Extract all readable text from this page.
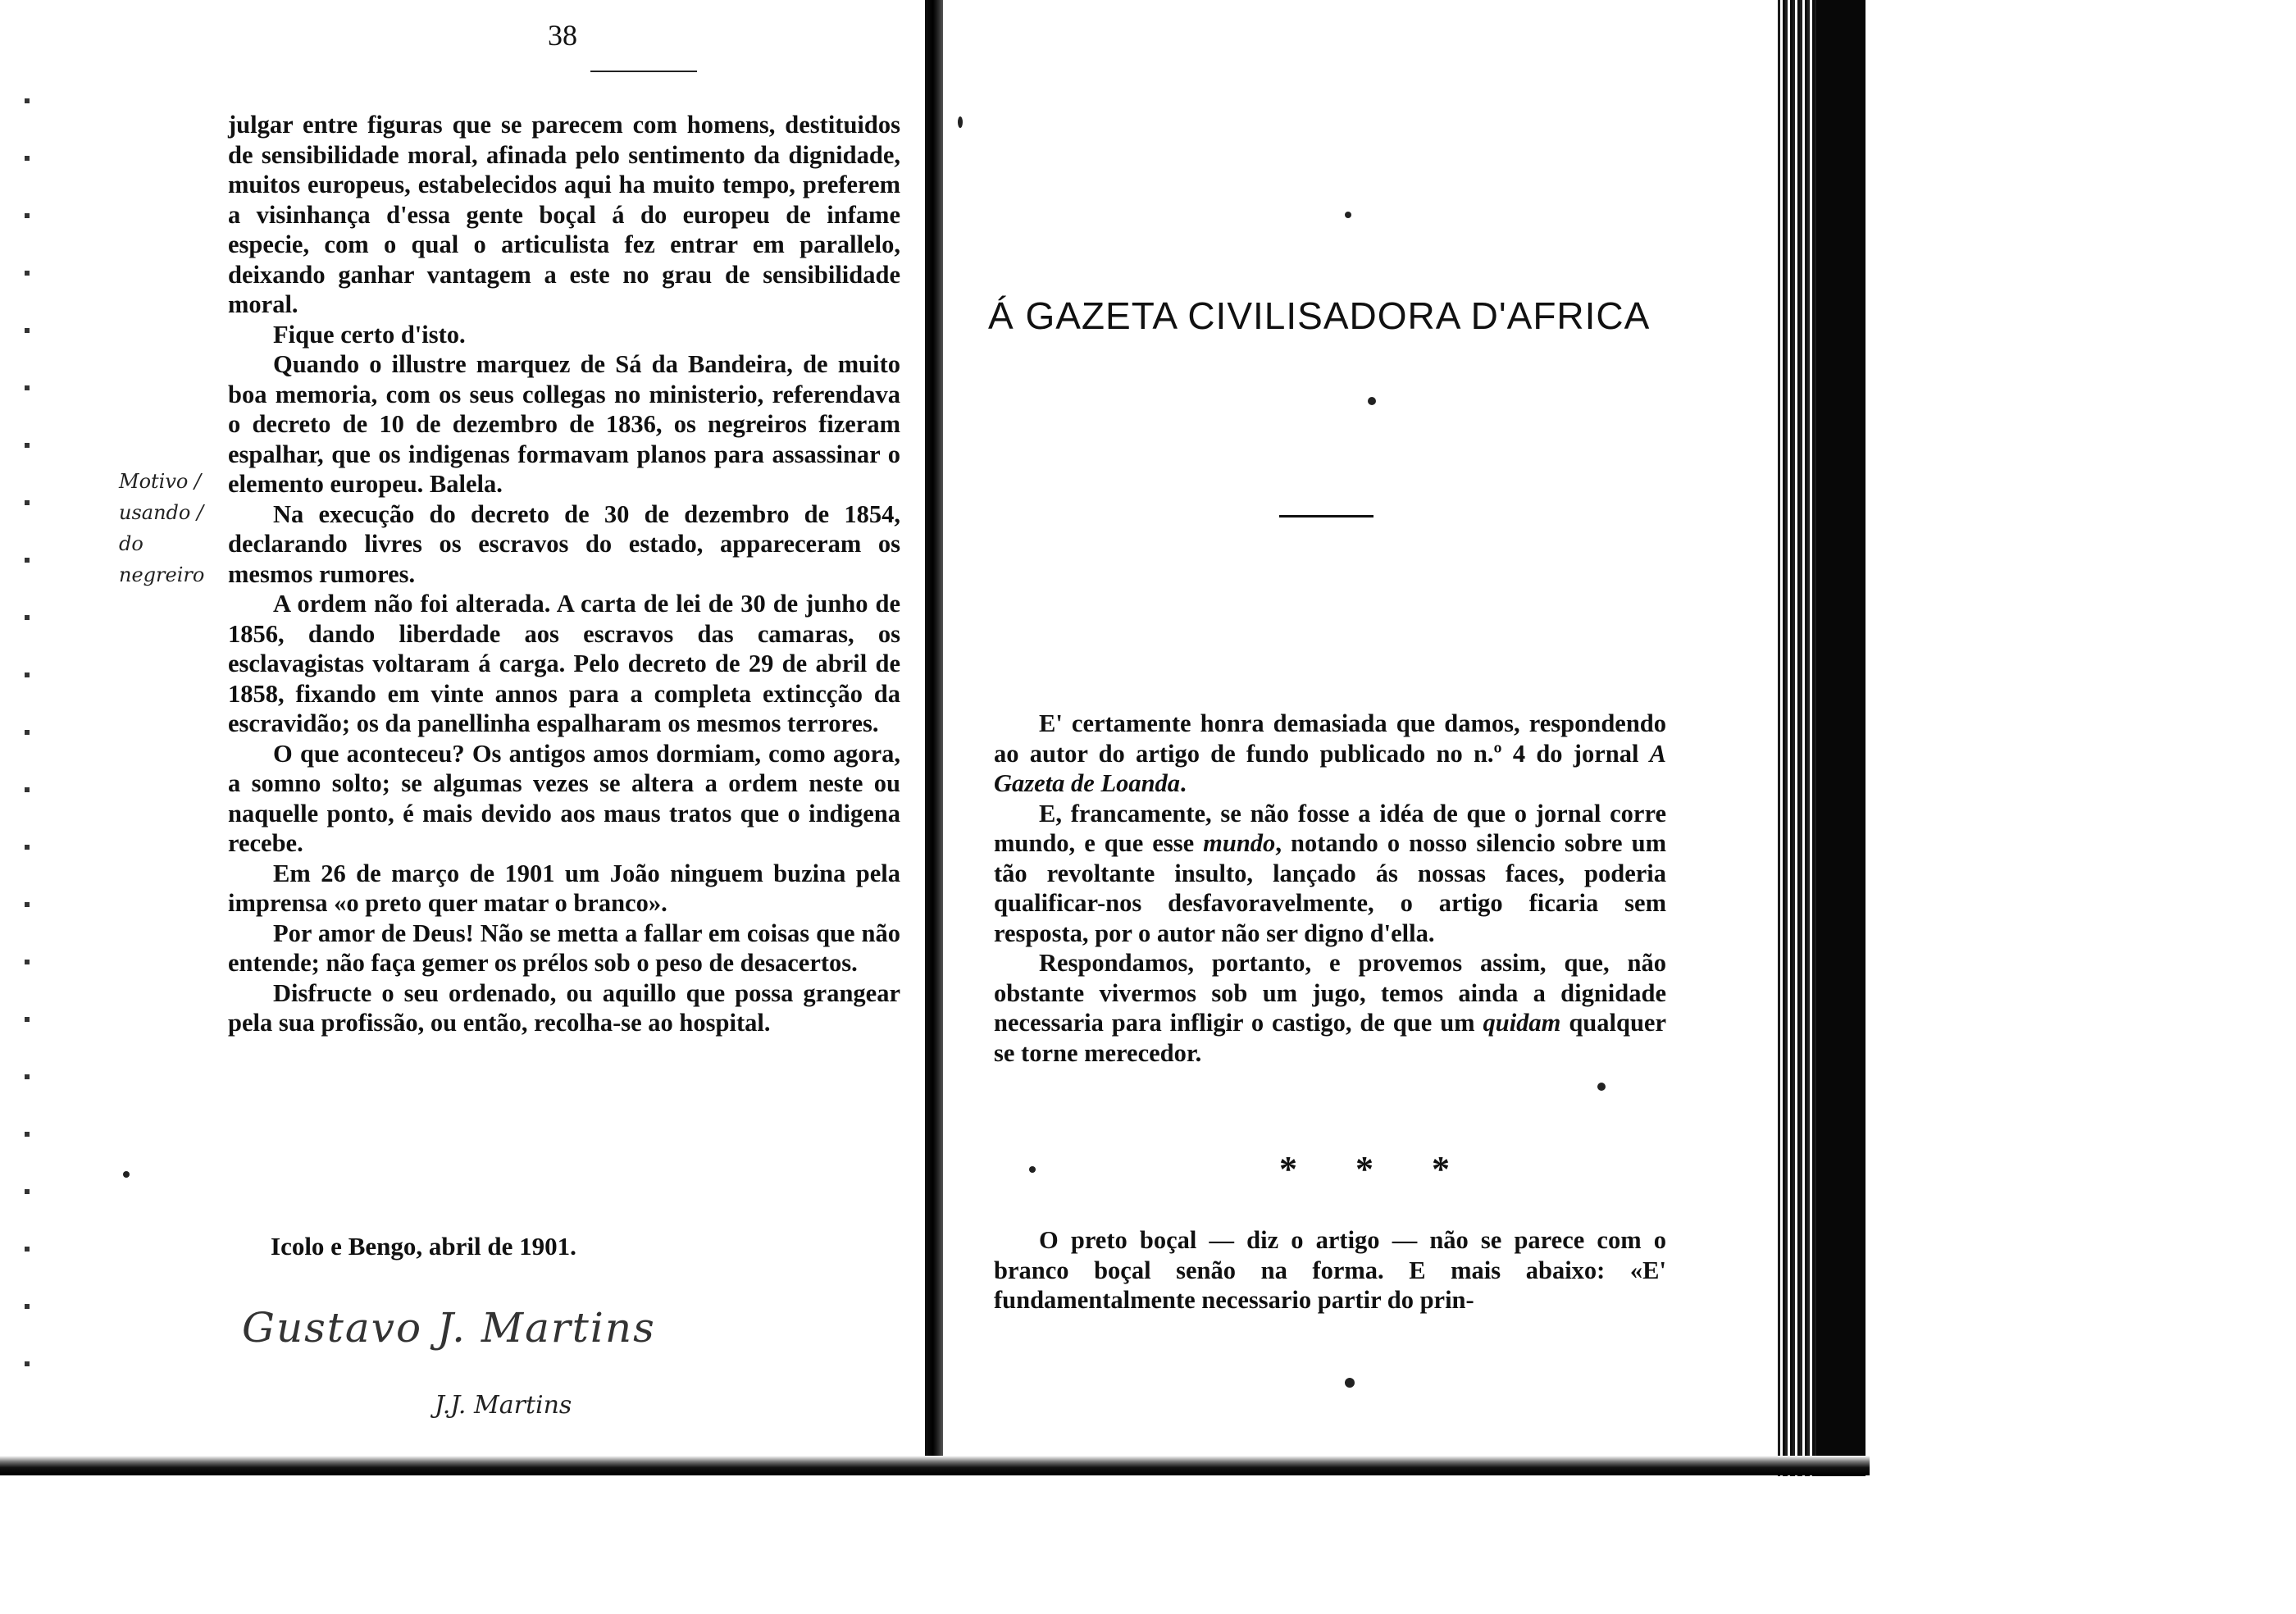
38
Motivo / usando / do negreiro

julgar entre figuras que se parecem com homens, destituidos de sensibilidade moral, afinada pelo sentimento da dignidade, muitos europeus, estabelecidos aqui ha muito tempo, preferem a visinhança d'essa gente boçal á do europeu de infame especie, com o qual o articulista fez entrar em parallelo, deixando ganhar vantagem a este no grau de sensibilidade moral.

Fique certo d'isto.

Quando o illustre marquez de Sá da Bandeira, de muito boa memoria, com os seus collegas no ministerio, referendava o decreto de 10 de dezembro de 1836, os negreiros fizeram espalhar, que os indigenas formavam planos para assassinar o elemento europeu. Balela.

Na execução do decreto de 30 de dezembro de 1854, declarando livres os escravos do estado, appareceram os mesmos rumores.

A ordem não foi alterada. A carta de lei de 30 de junho de 1856, dando liberdade aos escravos das camaras, os esclavagistas voltaram á carga. Pelo decreto de 29 de abril de 1858, fixando em vinte annos para a completa extincção da escravidão; os da panellinha espalharam os mesmos terrores.

O que aconteceu? Os antigos amos dormiam, como agora, a somno solto; se algumas vezes se altera a ordem neste ou naquelle ponto, é mais devido aos maus tratos que o indigena recebe.

Em 26 de março de 1901 um João ninguem buzina pela imprensa «o preto quer matar o branco».

Por amor de Deus! Não se metta a fallar em coisas que não entende; não faça gemer os prélos sob o peso de desacertos.

Disfructe o seu ordenado, ou aquillo que possa grangear pela sua profissão, ou então, recolha-se ao hospital.

Icolo e Bengo, abril de 1901.
Gustavo J. Martins
J.J. Martins
Á GAZETA CIVILISADORA D'AFRICA

E' certamente honra demasiada que damos, respondendo ao autor do artigo de fundo publicado no n.º 4 do jornal A Gazeta de Loanda.

E, francamente, se não fosse a idéa de que o jornal corre mundo, e que esse mundo, notando o nosso silencio sobre um tão revoltante insulto, lançado ás nossas faces, poderia qualificar-nos desfavoravelmente, o artigo ficaria sem resposta, por o autor não ser digno d'ella.

Respondamos, portanto, e provemos assim, que, não obstante vivermos sob um jugo, temos ainda a dignidade necessaria para infligir o castigo, de que um quidam qualquer se torne merecedor.

* * *

O preto boçal — diz o artigo — não se parece com o branco boçal senão na forma. E mais abaixo: «E' fundamentalmente necessario partir do prin-
